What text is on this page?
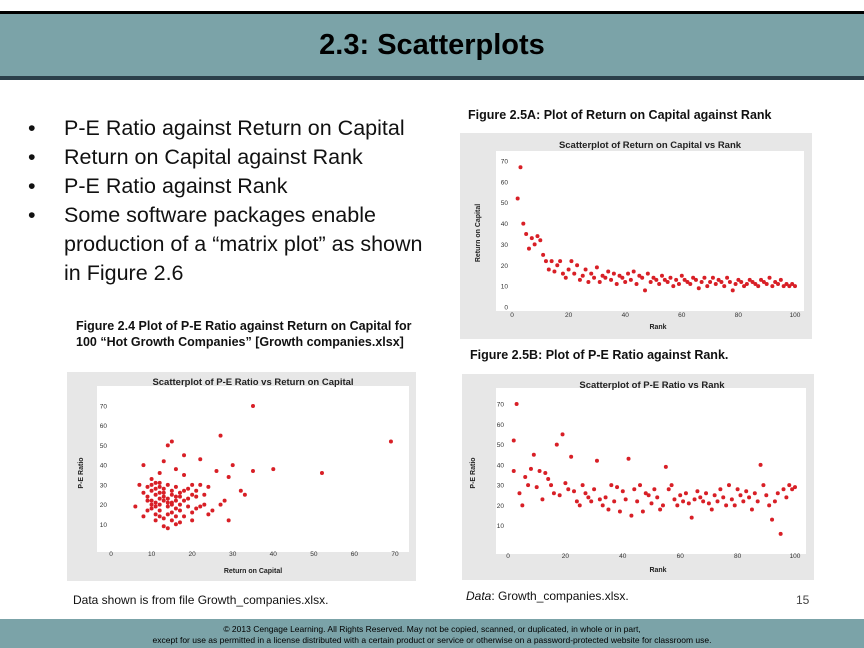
2.3: Scatterplots
• P-E Ratio against Return on Capital
• Return on Capital against Rank
• P-E Ratio against Rank
• Some software packages enable production of a “matrix plot” as shown in Figure 2.6
Figure 2.4 Plot of P-E Ratio against Return on Capital for 100 “Hot Growth Companies” [Growth companies.xlsx]
Figure 2.5A: Plot of Return on Capital against Rank
Figure 2.5B: Plot of P-E Ratio against Rank.
Scatterplot of P-E Ratio vs Return on Capital
Return on Capital
P-E Ratio
10
20
30
40
50
60
70
0	10	20	30	40	50	60	70
Scatterplot of Return on Capital vs Rank
Rank
Return on Capital
0
10
20
30
40
50
60
70
0	20	40	60	80	100
Scatterplot of P-E Ratio vs Rank
Rank
P-E Ratio
10
20
30
40
50
60
70
0	20	40	60	80	100
Data shown is from file Growth_companies.xlsx.	Data: Growth_companies.xlsx.	15
© 2013 Cengage Learning. All Rights Reserved. May not be copied, scanned, or duplicated, in whole or in part,
except for use as permitted in a license distributed with a certain product or service or otherwise on a password-protected website for classroom use.
